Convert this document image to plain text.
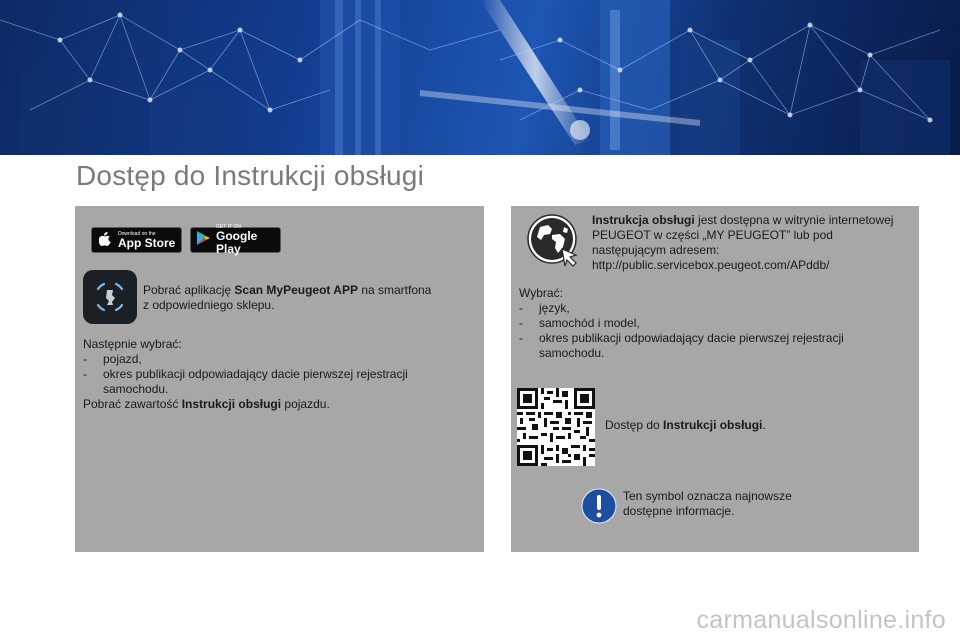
Dostęp do Instrukcji obsługi
Download on the
App Store
GET IT ON
Google Play
Pobrać aplikację Scan MyPeugeot APP na smartfona
z odpowiedniego sklepu.
Następnie wybrać:
-	pojazd,
-	okres publikacji odpowiadający dacie pierwszej rejestracji
samochodu.
Pobrać zawartość Instrukcji obsługi pojazdu.
Instrukcja obsługi jest dostępna w witrynie internetowej
PEUGEOT w części „MY PEUGEOT” lub pod
następującym adresem:
http://public.servicebox.peugeot.com/APddb/
Wybrać:
-	język,
-	samochód i model,
-	okres publikacji odpowiadający dacie pierwszej rejestracji
samochodu.
Dostęp do Instrukcji obsługi.
Ten symbol oznacza najnowsze
dostępne informacje.
carmanualsonline.info
